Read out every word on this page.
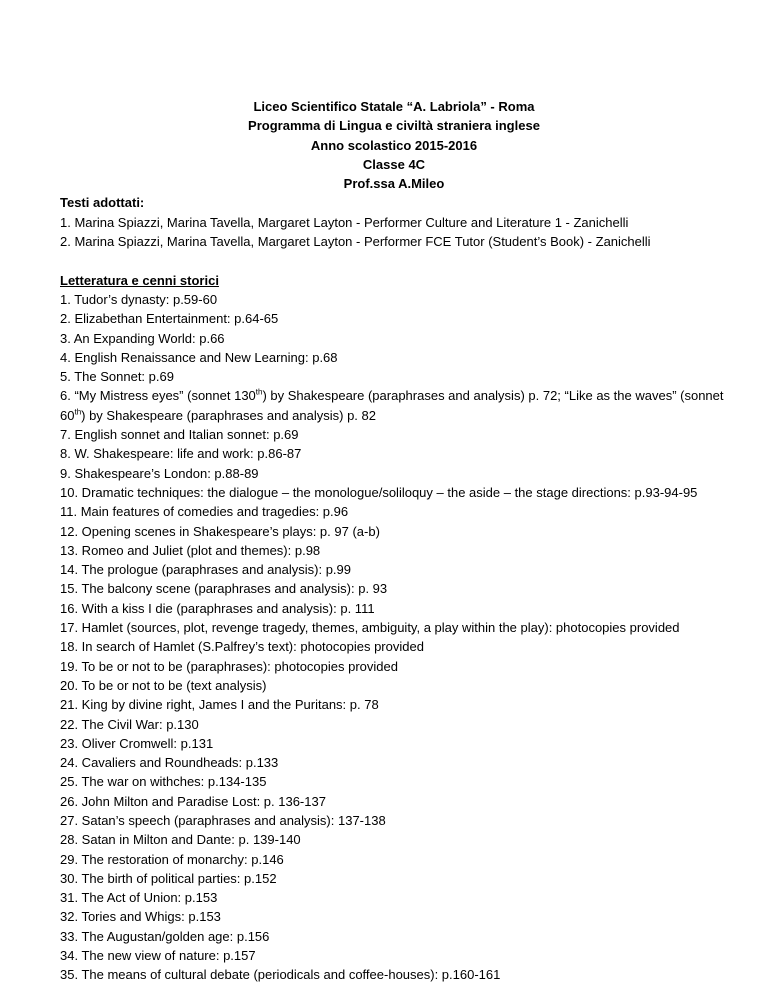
Liceo Scientifico Statale “A. Labriola” - Roma
Programma di Lingua e civiltà straniera inglese
Anno scolastico 2015-2016
Classe 4C
Prof.ssa A.Mileo
Testi adottati:
1. Marina Spiazzi, Marina Tavella, Margaret Layton - Performer Culture and Literature 1 - Zanichelli
2. Marina Spiazzi, Marina Tavella, Margaret Layton - Performer FCE Tutor (Student’s Book) - Zanichelli
Letteratura e cenni storici
1. Tudor’s dynasty: p.59-60
2. Elizabethan Entertainment: p.64-65
3. An Expanding World: p.66
4. English Renaissance and New Learning: p.68
5. The Sonnet: p.69
6. “My Mistress eyes” (sonnet 130th) by Shakespeare (paraphrases and analysis) p. 72; “Like as the waves” (sonnet 60th) by Shakespeare (paraphrases and analysis) p. 82
7. English sonnet and Italian sonnet: p.69
8. W. Shakespeare: life and work: p.86-87
9. Shakespeare’s London: p.88-89
10. Dramatic techniques: the dialogue – the monologue/soliloquy – the aside – the stage directions: p.93-94-95
11. Main features of comedies and tragedies: p.96
12. Opening scenes in Shakespeare’s plays: p. 97 (a-b)
13. Romeo and Juliet (plot and themes): p.98
14. The prologue (paraphrases and analysis): p.99
15. The balcony scene (paraphrases and analysis): p. 93
16. With a kiss I die (paraphrases and analysis): p. 111
17. Hamlet (sources, plot, revenge tragedy, themes, ambiguity, a play within the play): photocopies provided
18. In search of Hamlet (S.Palfrey’s text): photocopies provided
19. To be or not to be (paraphrases): photocopies provided
20. To be or not to be (text analysis)
21. King by divine right, James I and the Puritans: p. 78
22. The Civil War: p.130
23. Oliver Cromwell: p.131
24. Cavaliers and Roundheads: p.133
25. The war on withches: p.134-135
26. John Milton and Paradise Lost: p. 136-137
27. Satan’s speech (paraphrases and analysis): 137-138
28. Satan in Milton and Dante: p. 139-140
29. The restoration of monarchy: p.146
30. The birth of political parties: p.152
31. The Act of Union: p.153
32. Tories and Whigs: p.153
33. The Augustan/golden age: p.156
34. The new view of nature: p.157
35. The means of cultural debate (periodicals and coffee-houses): p.160-161
